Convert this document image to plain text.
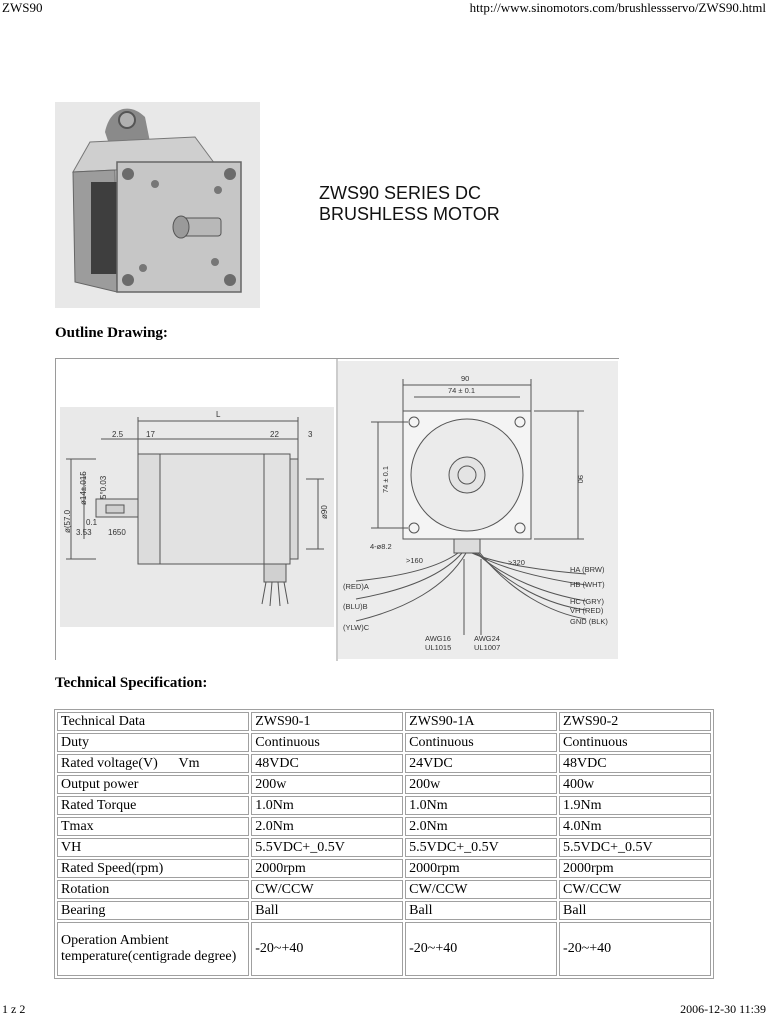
ZWS90	http://www.sinomotors.com/brushlessservo/ZWS90.html
ZWS90 SERIES DC
BRUSHLESS MOTOR
Outline Drawing:
L
2.5	17	22	3
ø(57.0
ø14±.015 5°0.03
0.1
3.53 1650
ø90
90
74 ± 0.1
74 ± 0.1	90
4-ø8.2
>160	>320
(RED)A
(BLU)B
(YLW)C
AWG16
UL1015
AWG24
UL1007
HA (BRW)
HB (WHT)
HC (GRY)
VH (RED)
GND (BLK)
Technical Specification:
Technical Data	ZWS90-1	ZWS90-1A	ZWS90-2
Duty	Continuous	Continuous	Continuous
Rated voltage(V)      Vm	48VDC	24VDC	48VDC
Output power	200w	200w	400w
Rated Torque	1.0Nm	1.0Nm	1.9Nm
Tmax	2.0Nm	2.0Nm	4.0Nm
VH	5.5VDC+_0.5V	5.5VDC+_0.5V	5.5VDC+_0.5V
Rated Speed(rpm)	2000rpm	2000rpm	2000rpm
Rotation	CW/CCW	CW/CCW	CW/CCW
Bearing	Ball	Ball	Ball
Operation Ambient temperature(centigrade degree)	-20~+40	-20~+40	-20~+40
1 z 2	2006-12-30 11:39
